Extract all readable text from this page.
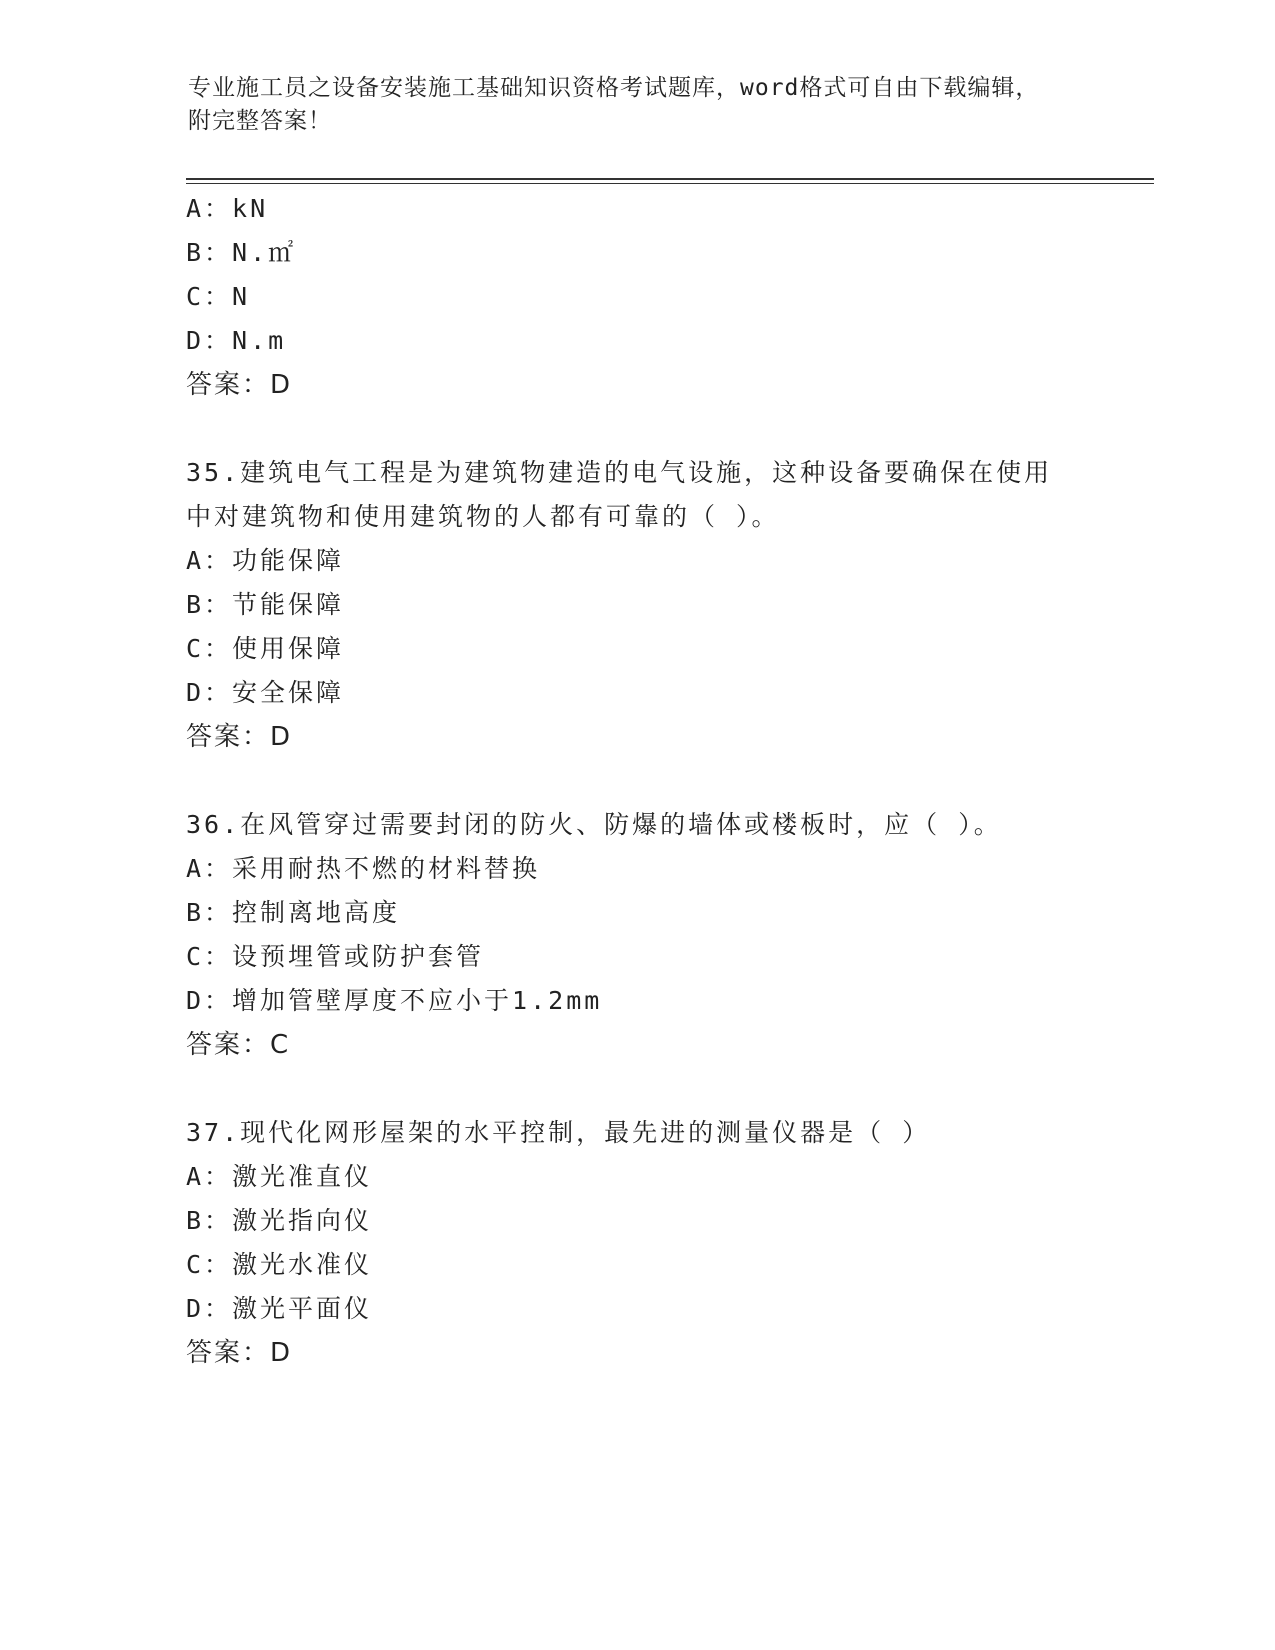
专业施工员之设备安装施工基础知识资格考试题库，word格式可自由下载编辑，
附完整答案！
A：kN
B：N.㎡
C：N
D：N.m
答案：D
35.建筑电气工程是为建筑物建造的电气设施，这种设备要确保在使用
中对建筑物和使用建筑物的人都有可靠的（ ）。
A：功能保障
B：节能保障
C：使用保障
D：安全保障
答案：D
36.在风管穿过需要封闭的防火、防爆的墙体或楼板时，应（ ）。
A：采用耐热不燃的材料替换
B：控制离地高度
C：设预埋管或防护套管
D：增加管壁厚度不应小于1.2mm
答案：C
37.现代化网形屋架的水平控制，最先进的测量仪器是（ ）
A：激光准直仪
B：激光指向仪
C：激光水准仪
D：激光平面仪
答案：D
